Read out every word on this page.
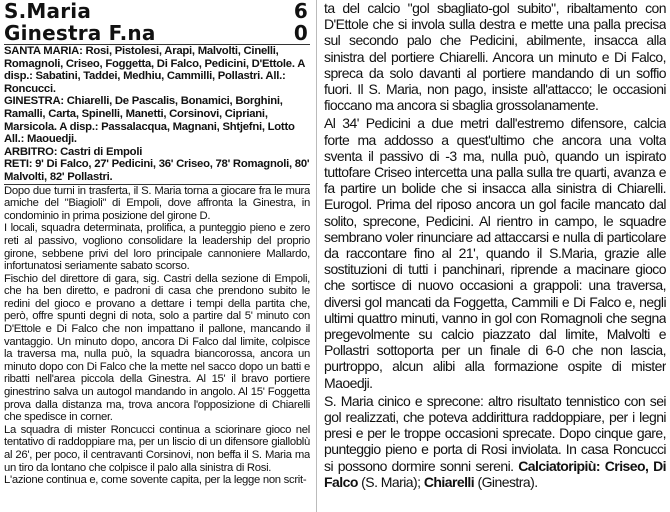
S.Maria	6
Ginestra F.na	0

SANTA MARIA: Rosi, Pistolesi, Arapi, Malvolti, Cinelli, Romagnoli, Criseo, Foggetta, Di Falco, Pedicini, D'Ettole. A disp.: Sabatini, Taddei, Medhiu, Cammilli, Pollastri. All.: Roncucci.

GINESTRA: Chiarelli, De Pascalis, Bonamici, Borghini, Ramalli, Carta, Spinelli, Manetti, Corsinovi, Cipriani, Marsicola. A disp.: Passalacqua, Magnani, Shtjefni, Lotto All.: Maouedji.

ARBITRO: Castri di Empoli

RETI: 9' Di Falco, 27' Pedicini, 36' Criseo, 78' Romagnoli, 80' Malvolti, 82' Pollastri.

Dopo due turni in trasferta, il S. Maria torna a giocare fra le mura amiche del "Biagioli" di Empoli, dove affronta la Ginestra, in condominio in prima posizione del girone D.

I locali, squadra determinata, prolifica, a punteggio pieno e zero reti al passivo, vogliono consolidare la leadership del proprio girone, sebbene privi del loro principale cannoniere Mallardo, infortunatosi seriamente sabato scorso.

Fischio del direttore di gara, sig. Castri della sezione di Empoli, che ha ben diretto, e padroni di casa che prendono subito le redini del gioco e provano a dettare i tempi della partita che, però, offre spunti degni di nota, solo a partire dal 5' minuto con D'Ettole e Di Falco che non impattano il pallone, mancando il vantaggio. Un minuto dopo, ancora Di Falco dal limite, colpisce la traversa ma, nulla può, la squadra biancorossa, ancora un minuto dopo con Di Falco che la mette nel sacco dopo un batti e ribatti nell'area piccola della Ginestra. Al 15' il bravo portiere ginestrino salva un autogol mandando in angolo. Al 15' Foggetta prova dalla distanza ma, trova ancora l'opposizione di Chiarelli che spedisce in corner.

La squadra di mister Roncucci continua a sciorinare gioco nel tentativo di raddoppiare ma, per un liscio di un difensore gialloblù al 26', per poco, il centravanti Corsinovi, non beffa il S. Maria ma un tiro da lontano che colpisce il palo alla sinistra di Rosi.

L'azione continua e, come sovente capita, per la legge non scrit-

ta del calcio "gol sbagliato-gol subito", ribaltamento con D'Ettole che si invola sulla destra e mette una palla precisa sul secondo palo che Pedicini, abilmente, insacca alla sinistra del portiere Chiarelli. Ancora un minuto e Di Falco, spreca da solo davanti al portiere mandando di un soffio fuori. Il S. Maria, non pago, insiste all'attacco; le occasioni fioccano ma ancora si sbaglia grossolanamente.

Al 34' Pedicini a due metri dall'estremo difensore, calcia forte ma addosso a quest'ultimo che ancora una volta sventa il passivo di -3 ma, nulla può, quando un ispirato tuttofare Criseo intercetta una palla sulla tre quarti, avanza e fa partire un bolide che si insacca alla sinistra di Chiarelli. Eurogol. Prima del riposo ancora un gol facile mancato dal solito, sprecone, Pedicini. Al rientro in campo, le squadre sembrano voler rinunciare ad attaccarsi e nulla di particolare da raccontare fino al 21', quando il S.Maria, grazie alle sostituzioni di tutti i panchinari, riprende a macinare gioco che sortisce di nuovo occasioni a grappoli: una traversa, diversi gol mancati da Foggetta, Cammili e Di Falco e, negli ultimi quattro minuti, vanno in gol con Romagnoli che segna pregevolmente su calcio piazzato dal limite, Malvolti e Pollastri sottoporta per un finale di 6-0 che non lascia, purtroppo, alcun alibi alla formazione ospite di mister Maoedji.

S. Maria cinico e sprecone: altro risultato tennistico con sei gol realizzati, che poteva addirittura raddoppiare, per i legni presi e per le troppe occasioni sprecate. Dopo cinque gare, punteggio pieno e porta di Rosi inviolata. In casa Roncucci si possono dormire sonni sereni. Calciatoripiù: Criseo, Di Falco (S. Maria); Chiarelli (Ginestra).
